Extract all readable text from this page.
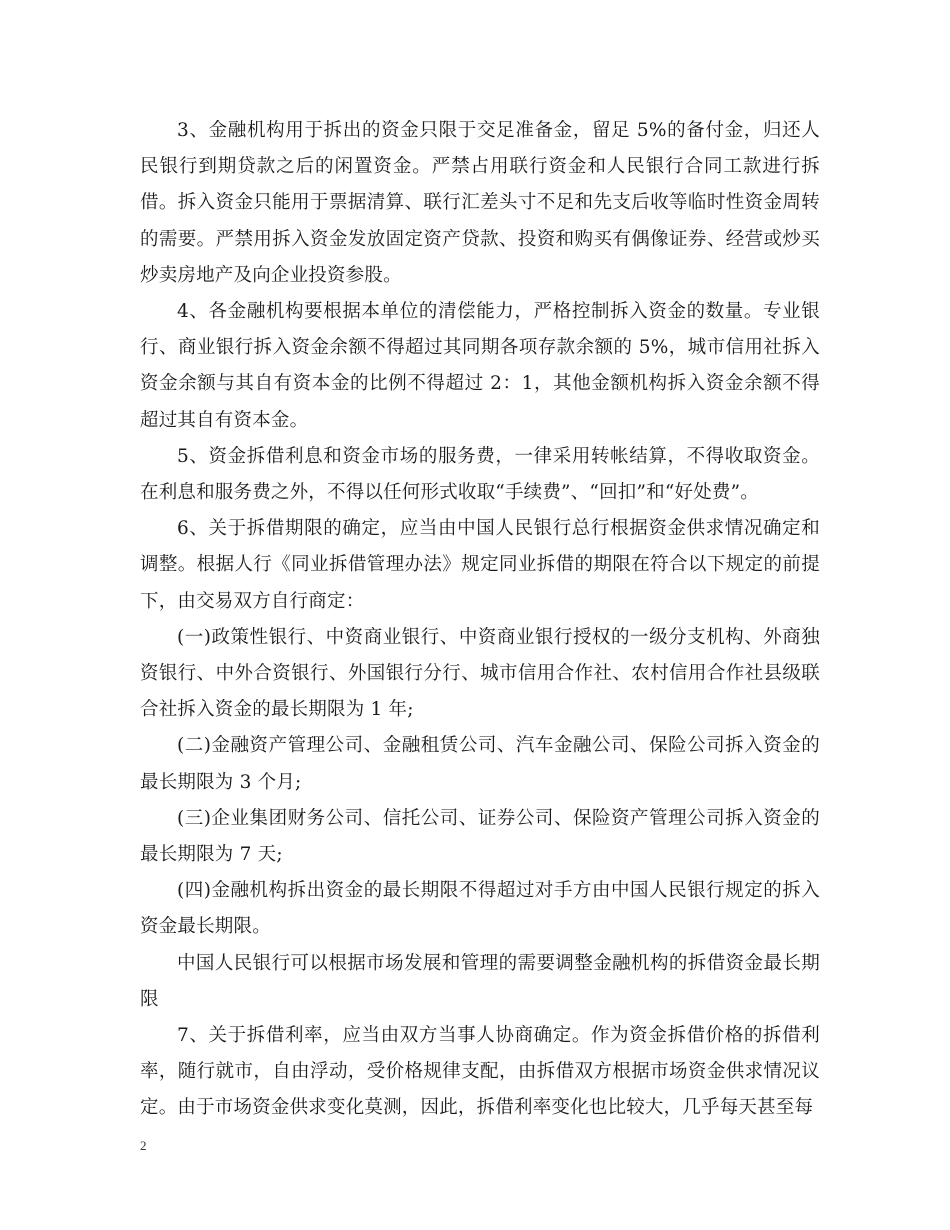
3、金融机构用于拆出的资金只限于交足准备金，留足 5%的备付金，归还人民银行到期贷款之后的闲置资金。严禁占用联行资金和人民银行合同工款进行拆借。拆入资金只能用于票据清算、联行汇差头寸不足和先支后收等临时性资金周转的需要。严禁用拆入资金发放固定资产贷款、投资和购买有偶像证券、经营或炒买炒卖房地产及向企业投资参股。

4、各金融机构要根据本单位的清偿能力，严格控制拆入资金的数量。专业银行、商业银行拆入资金余额不得超过其同期各项存款余额的 5%，城市信用社拆入资金余额与其自有资本金的比例不得超过 2：1，其他金额机构拆入资金余额不得超过其自有资本金。

5、资金拆借利息和资金市场的服务费，一律采用转帐结算，不得收取资金。在利息和服务费之外，不得以任何形式收取“手续费”、“回扣”和“好处费”。

6、关于拆借期限的确定，应当由中国人民银行总行根据资金供求情况确定和调整。根据人行《同业拆借管理办法》规定同业拆借的期限在符合以下规定的前提下，由交易双方自行商定：

(一)政策性银行、中资商业银行、中资商业银行授权的一级分支机构、外商独资银行、中外合资银行、外国银行分行、城市信用合作社、农村信用合作社县级联合社拆入资金的最长期限为 1 年;

(二)金融资产管理公司、金融租赁公司、汽车金融公司、保险公司拆入资金的最长期限为 3 个月;

(三)企业集团财务公司、信托公司、证券公司、保险资产管理公司拆入资金的最长期限为 7 天;

(四)金融机构拆出资金的最长期限不得超过对手方由中国人民银行规定的拆入资金最长期限。

中国人民银行可以根据市场发展和管理的需要调整金融机构的拆借资金最长期限

7、关于拆借利率，应当由双方当事人协商确定。作为资金拆借价格的拆借利率，随行就市，自由浮动，受价格规律支配，由拆借双方根据市场资金供求情况议定。由于市场资金供求变化莫测，因此，拆借利率变化也比较大，几乎每天甚至每

2
